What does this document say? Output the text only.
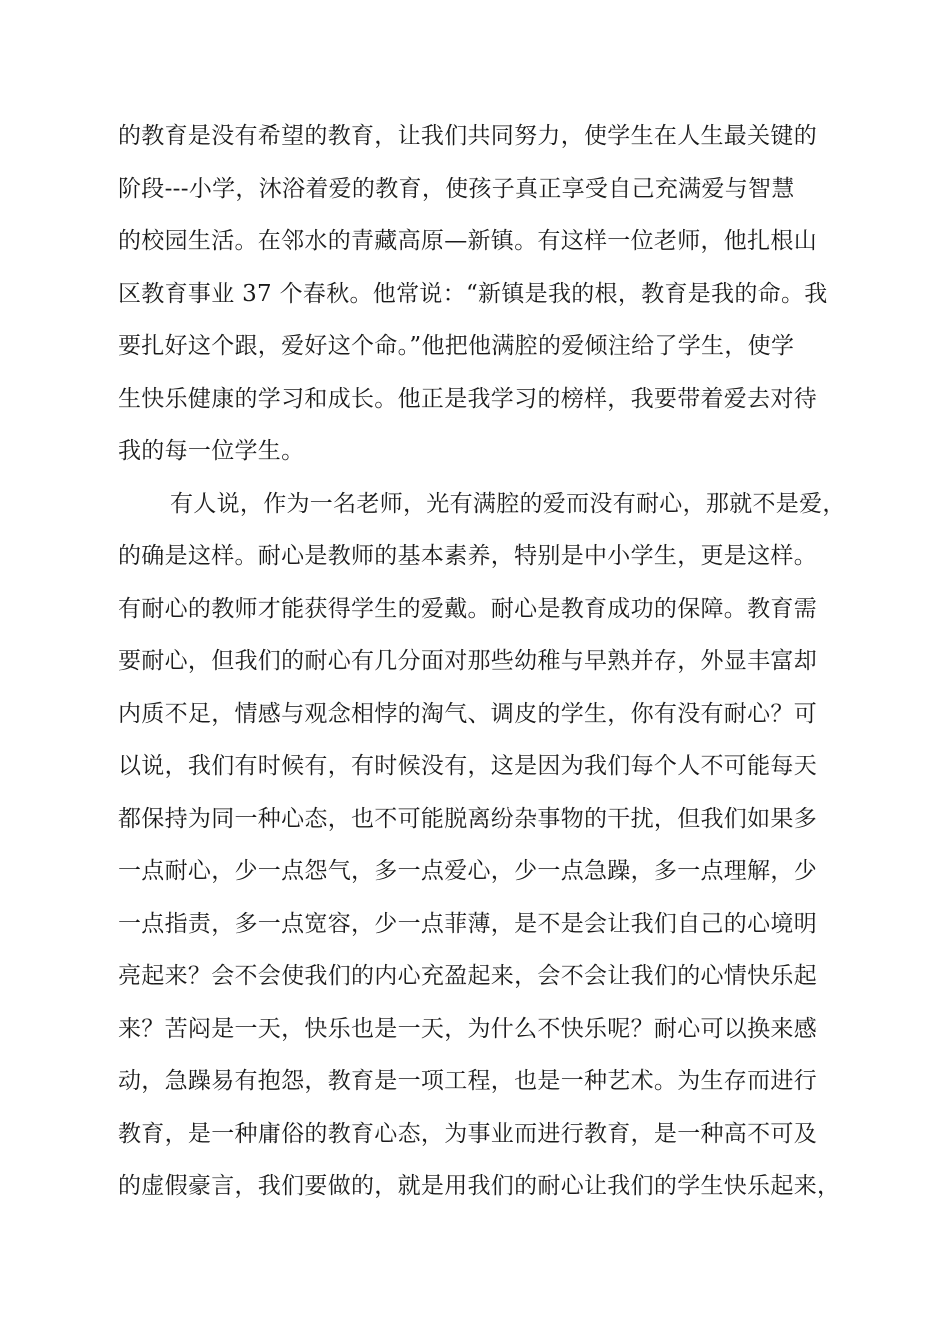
的教育是没有希望的教育，让我们共同努力，使学生在人生最关键的
阶段---小学，沐浴着爱的教育，使孩子真正享受自己充满爱与智慧
的校园生活。在邻水的青藏高原—新镇。有这样一位老师，他扎根山
区教育事业 37 个春秋。他常说：“新镇是我的根，教育是我的命。我
要扎好这个跟，爱好这个命。”他把他满腔的爱倾注给了学生，使学
生快乐健康的学习和成长。他正是我学习的榜样，我要带着爱去对待
我的每一位学生。
有人说，作为一名老师，光有满腔的爱而没有耐心，那就不是爱，
的确是这样。耐心是教师的基本素养，特别是中小学生，更是这样。
有耐心的教师才能获得学生的爱戴。耐心是教育成功的保障。教育需
要耐心，但我们的耐心有几分面对那些幼稚与早熟并存，外显丰富却
内质不足，情感与观念相悖的淘气、调皮的学生，你有没有耐心？可
以说，我们有时候有，有时候没有，这是因为我们每个人不可能每天
都保持为同一种心态，也不可能脱离纷杂事物的干扰，但我们如果多
一点耐心，少一点怨气，多一点爱心，少一点急躁，多一点理解，少
一点指责，多一点宽容，少一点菲薄，是不是会让我们自己的心境明
亮起来？会不会使我们的内心充盈起来，会不会让我们的心情快乐起
来？苦闷是一天，快乐也是一天，为什么不快乐呢？耐心可以换来感
动，急躁易有抱怨，教育是一项工程，也是一种艺术。为生存而进行
教育，是一种庸俗的教育心态，为事业而进行教育，是一种高不可及
的虚假豪言，我们要做的，就是用我们的耐心让我们的学生快乐起来，
